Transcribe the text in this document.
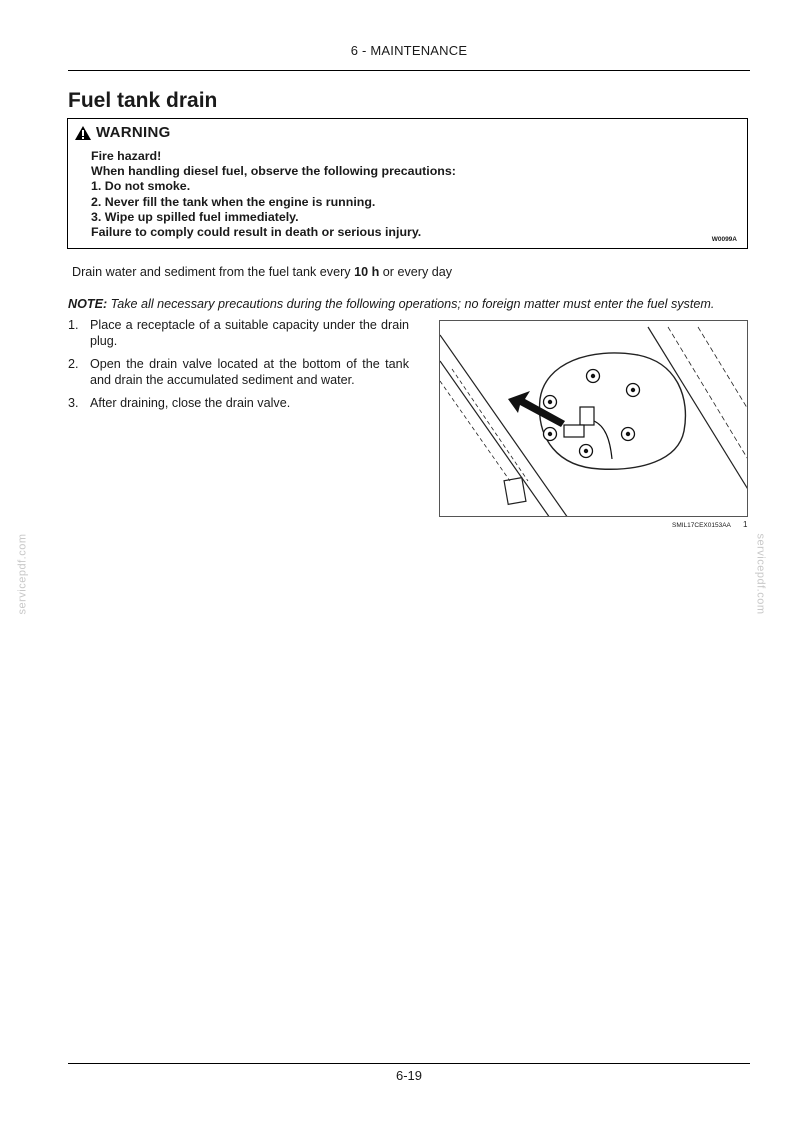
6 - MAINTENANCE
Fuel tank drain
WARNING
Fire hazard!
When handling diesel fuel, observe the following precautions:
1. Do not smoke.
2. Never fill the tank when the engine is running.
3. Wipe up spilled fuel immediately.
Failure to comply could result in death or serious injury.
W0099A
Drain water and sediment from the fuel tank every 10 h or every day
NOTE: Take all necessary precautions during the following operations; no foreign matter must enter the fuel system.
1. Place a receptacle of a suitable capacity under the drain plug.
2. Open the drain valve located at the bottom of the tank and drain the accumulated sediment and water.
3. After draining, close the drain valve.
SMIL17CEX0153AA 1
servicepdf.com	servicepdf.com
6-19
